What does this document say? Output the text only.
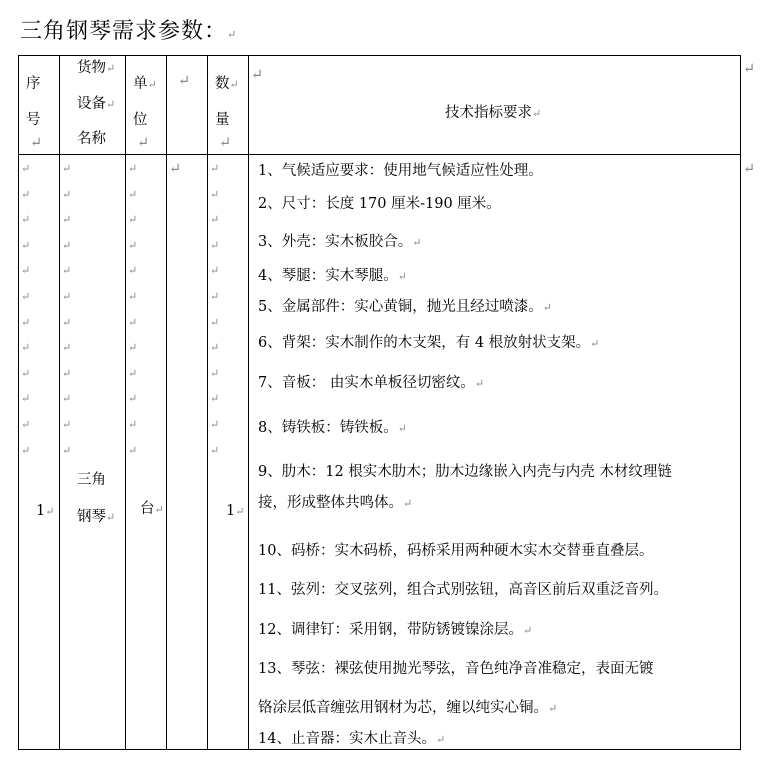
三角钢琴需求参数：↵
序
号
↵
货物↵
设备↵
名称
单↵
位
↵
↵ 数↵
量
↵
↵
技术指标要求↵
↵
↵
↵
↵
↵
↵
↵
↵
↵
↵
↵
↵
↵
↵
↵
↵
↵
↵
↵
↵
↵
↵
↵
↵
↵
↵
↵
↵
↵
↵
↵
↵
↵
↵
↵
↵
↵
↵
↵
↵
↵
↵
↵
↵
↵
↵
↵
↵
↵
↵
↵
1↵
三角
钢琴↵
台↵	1↵
1、气候适应要求：使用地气候适应性处理。
2、尺寸：长度 170 厘米-190 厘米。
3、外壳：实木板胶合。↵
4、琴腿：实木琴腿。↵
5、金属部件：实心黄铜，抛光且经过喷漆。↵
6、背架：实木制作的木支架，有 4 根放射状支架。↵
7、音板： 由实木单板径切密纹。↵
8、铸铁板：铸铁板。↵
9、肋木：12 根实木肋木；肋木边缘嵌入内壳与内壳 木材纹理链
接，形成整体共鸣体。↵
10、码桥：实木码桥，码桥采用两种硬木实木交替垂直叠层。
11、弦列：交叉弦列，组合式别弦钮，高音区前后双重泛音列。
12、调律钉：采用钢，带防锈镀镍涂层。↵
13、琴弦：裸弦使用抛光琴弦，音色纯净音准稳定，表面无镀
铬涂层低音缠弦用钢材为芯，缠以纯实心铜。↵
14、止音器：实木止音头。↵
